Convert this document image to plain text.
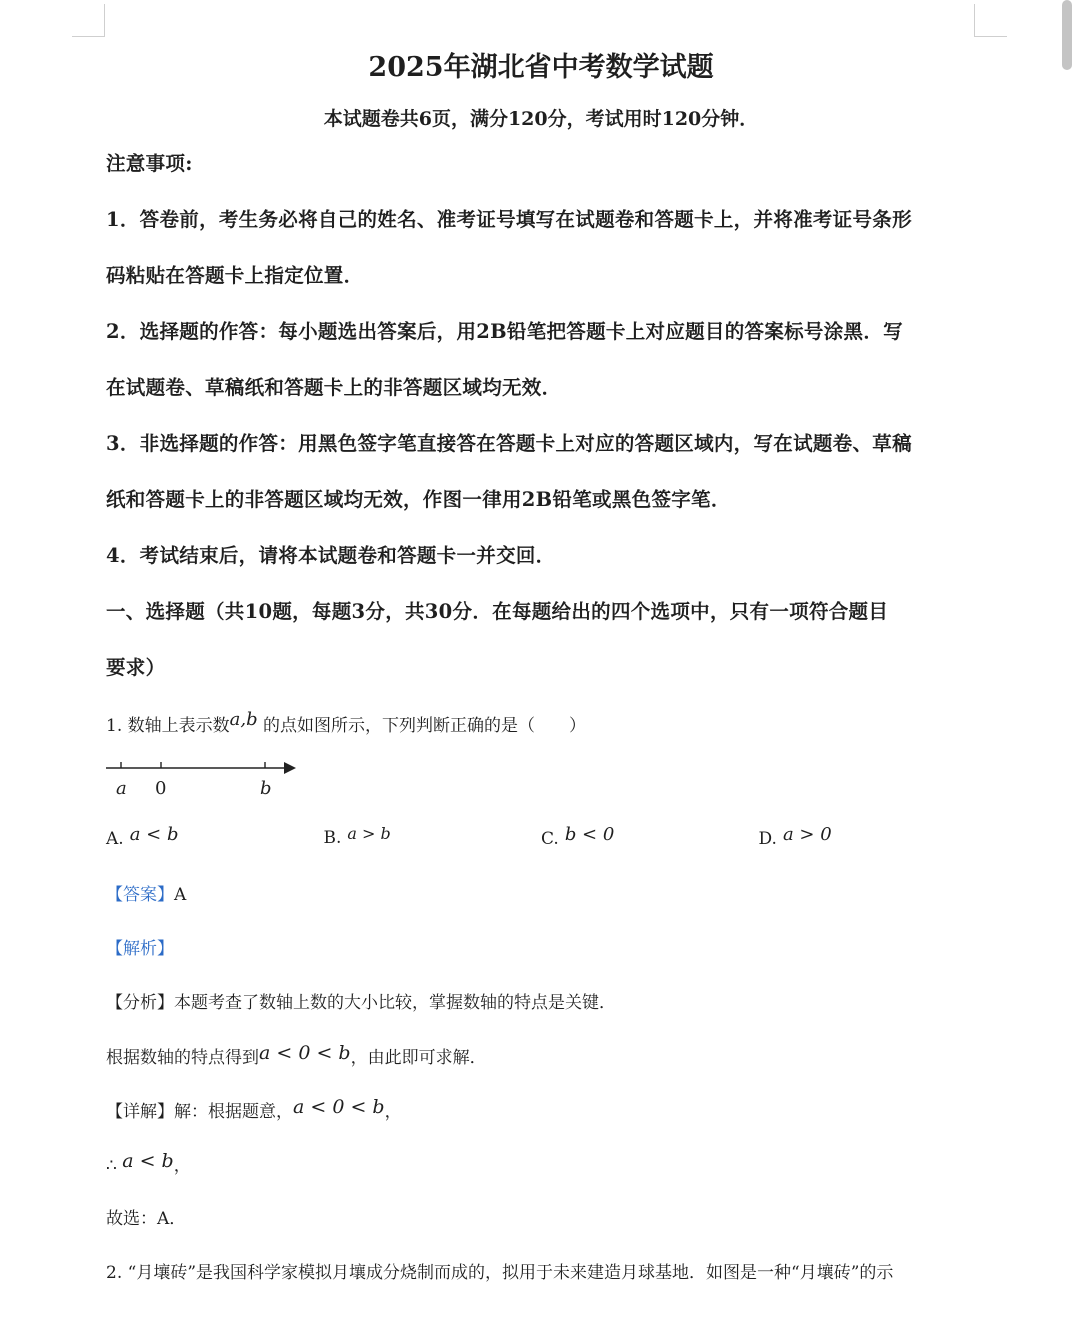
2025年湖北省中考数学试题
本试题卷共6页，满分120分，考试用时120分钟．
注意事项:
1．答卷前，考生务必将自己的姓名、准考证号填写在试题卷和答题卡上，并将准考证号条形
码粘贴在答题卡上指定位置．
2．选择题的作答：每小题选出答案后，用2B铅笔把答题卡上对应题目的答案标号涂黑．写
在试题卷、草稿纸和答题卡上的非答题区域均无效．
3．非选择题的作答：用黑色签字笔直接答在答题卡上对应的答题区域内，写在试题卷、草稿
纸和答题卡上的非答题区域均无效，作图一律用2B铅笔或黑色签字笔．
4．考试结束后，请将本试题卷和答题卡一并交回．
一、选择题（共10题，每题3分，共30分．在每题给出的四个选项中，只有一项符合题目
要求）
1. 数轴上表示数a,b 的点如图所示，下列判断正确的是（　　）
a 0	b
A. a < b	B. a > b	C. b < 0	D. a > 0
【答案】A
【解析】
【分析】本题考查了数轴上数的大小比较，掌握数轴的特点是关键．
根据数轴的特点得到a < 0 < b，由此即可求解．
【详解】解：根据题意，a < 0 < b，
∴ a < b，
故选：A．
2. “月壤砖”是我国科学家模拟月壤成分烧制而成的，拟用于未来建造月球基地．如图是一种“月壤砖”的示
